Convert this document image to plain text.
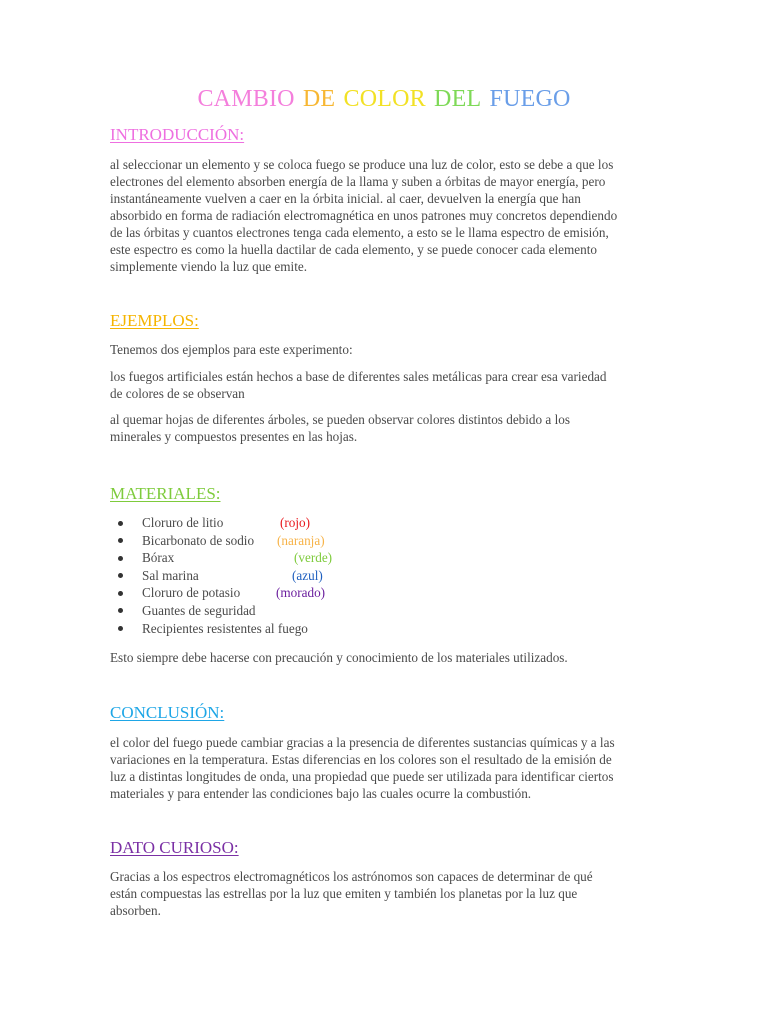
CAMBIO DE COLOR DEL FUEGO
INTRODUCCIÓN:
al seleccionar un elemento y se coloca fuego se produce una luz de color, esto se debe a que los
electrones del elemento absorben energía de la llama y suben a órbitas de mayor energía, pero
instantáneamente vuelven a caer en la órbita inicial. al caer, devuelven la energía que han
absorbido en forma de radiación electromagnética en unos patrones muy concretos dependiendo
de las órbitas y cuantos electrones tenga cada elemento, a esto se le llama espectro de emisión,
este espectro es como la huella dactilar de cada elemento, y se puede conocer cada elemento
simplemente viendo la luz que emite.
EJEMPLOS:
Tenemos dos ejemplos para este experimento:
los fuegos artificiales están hechos a base de diferentes sales metálicas para crear esa variedad
de colores de se observan
al quemar hojas de diferentes árboles, se pueden observar colores distintos debido a los
minerales y compuestos presentes en las hojas.
MATERIALES:
Cloruro de litio	(rojo)
Bicarbonato de sodio (naranja)
Bórax	(verde)
Sal marina	(azul)
Cloruro de potasio	(morado)
Guantes de seguridad
Recipientes resistentes al fuego
Esto siempre debe hacerse con precaución y conocimiento de los materiales utilizados.
CONCLUSIÓN:
el color del fuego puede cambiar gracias a la presencia de diferentes sustancias químicas y a las
variaciones en la temperatura. Estas diferencias en los colores son el resultado de la emisión de
luz a distintas longitudes de onda, una propiedad que puede ser utilizada para identificar ciertos
materiales y para entender las condiciones bajo las cuales ocurre la combustión.
DATO CURIOSO:
Gracias a los espectros electromagnéticos los astrónomos son capaces de determinar de qué
están compuestas las estrellas por la luz que emiten y también los planetas por la luz que
absorben.
